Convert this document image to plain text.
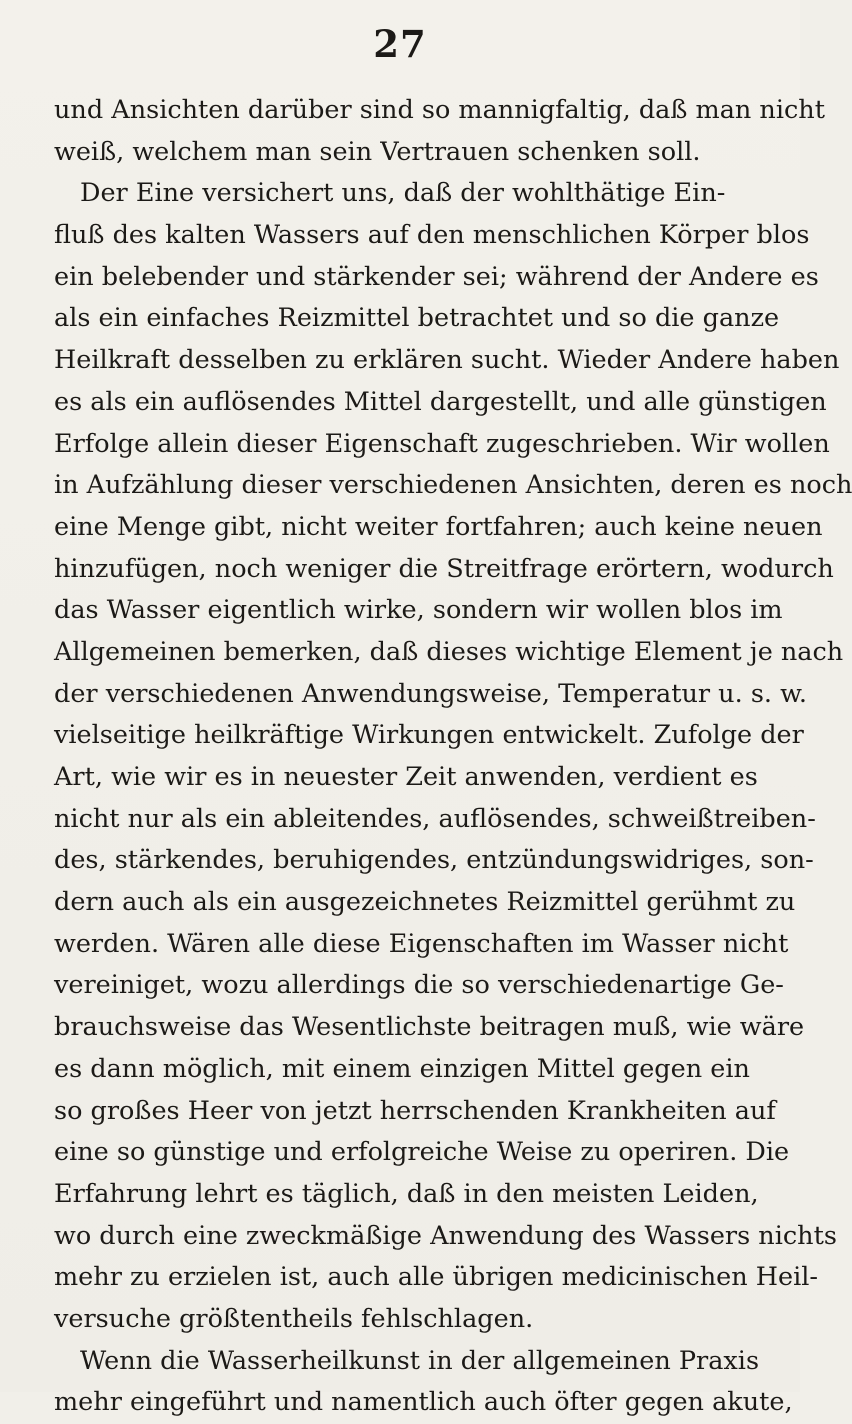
27
und Ansichten darüber sind so mannigfaltig, daß man nicht
weiß, welchem man sein Vertrauen schenken soll.
Der Eine versichert uns, daß der wohlthätige Ein-
fluß des kalten Wassers auf den menschlichen Körper blos
ein belebender und stärkender sei; während der Andere es
als ein einfaches Reizmittel betrachtet und so die ganze
Heilkraft desselben zu erklären sucht. Wieder Andere haben
es als ein auflösendes Mittel dargestellt, und alle günstigen
Erfolge allein dieser Eigenschaft zugeschrieben. Wir wollen
in Aufzählung dieser verschiedenen Ansichten, deren es noch
eine Menge gibt, nicht weiter fortfahren; auch keine neuen
hinzufügen, noch weniger die Streitfrage erörtern, wodurch
das Wasser eigentlich wirke, sondern wir wollen blos im
Allgemeinen bemerken, daß dieses wichtige Element je nach
der verschiedenen Anwendungsweise, Temperatur u. s. w.
vielseitige heilkräftige Wirkungen entwickelt. Zufolge der
Art, wie wir es in neuester Zeit anwenden, verdient es
nicht nur als ein ableitendes, auflösendes, schweißtreiben-
des, stärkendes, beruhigendes, entzündungswidriges, son-
dern auch als ein ausgezeichnetes Reizmittel gerühmt zu
werden. Wären alle diese Eigenschaften im Wasser nicht
vereiniget, wozu allerdings die so verschiedenartige Ge-
brauchsweise das Wesentlichste beitragen muß, wie wäre
es dann möglich, mit einem einzigen Mittel gegen ein
so großes Heer von jetzt herrschenden Krankheiten auf
eine so günstige und erfolgreiche Weise zu operiren. Die
Erfahrung lehrt es täglich, daß in den meisten Leiden,
wo durch eine zweckmäßige Anwendung des Wassers nichts
mehr zu erzielen ist, auch alle übrigen medicinischen Heil-
versuche größtentheils fehlschlagen.
Wenn die Wasserheilkunst in der allgemeinen Praxis
mehr eingeführt und namentlich auch öfter gegen akute,
